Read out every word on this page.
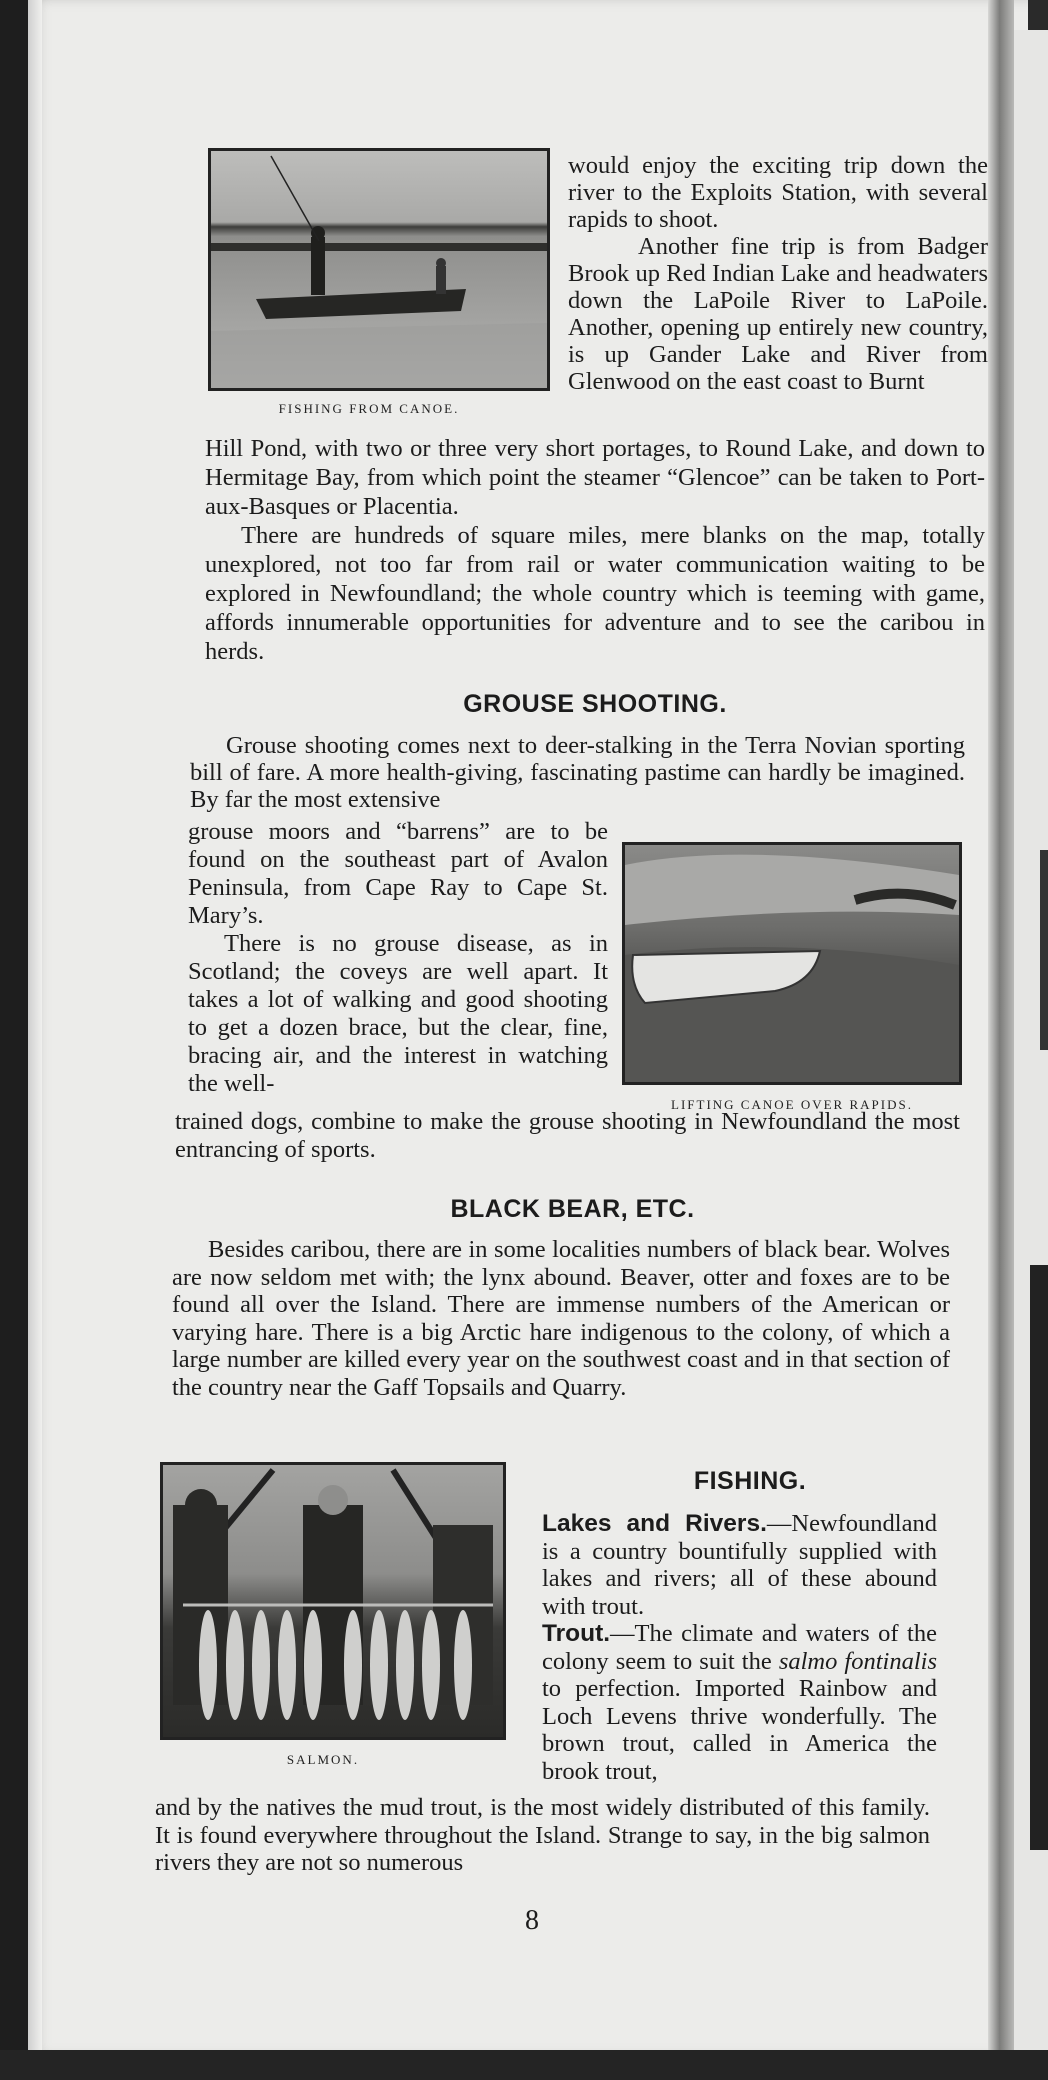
FISHING FROM CANOE.

would enjoy the exciting trip down the river to the Exploits Station, with several rapids to shoot.

Another fine trip is from Badger Brook up Red Indian Lake and headwaters down the LaPoile River to LaPoile. Another, opening up entirely new country, is up Gander Lake and River from Glenwood on the east coast to Burnt

Hill Pond, with two or three very short portages, to Round Lake, and down to Hermitage Bay, from which point the steamer “Glencoe” can be taken to Port-aux-Basques or Placentia.

There are hundreds of square miles, mere blanks on the map, totally unexplored, not too far from rail or water communication waiting to be explored in Newfoundland; the whole country which is teeming with game, affords innumerable opportunities for adventure and to see the caribou in herds.

GROUSE SHOOTING.

Grouse shooting comes next to deer-stalking in the Terra Novian sporting bill of fare. A more health-giving, fascinating pastime can hardly be imagined. By far the most extensive

grouse moors and “barrens” are to be found on the southeast part of Avalon Peninsula, from Cape Ray to Cape St. Mary’s.

There is no grouse disease, as in Scotland; the coveys are well apart. It takes a lot of walking and good shooting to get a dozen brace, but the clear, fine, bracing air, and the interest in watching the well-

LIFTING CANOE OVER RAPIDS.

trained dogs, combine to make the grouse shooting in Newfoundland the most entrancing of sports.

BLACK BEAR, ETC.

Besides caribou, there are in some localities numbers of black bear. Wolves are now seldom met with; the lynx abound. Beaver, otter and foxes are to be found all over the Island. There are immense numbers of the American or varying hare. There is a big Arctic hare indigenous to the colony, of which a large number are killed every year on the southwest coast and in that section of the country near the Gaff Topsails and Quarry.

SALMON.

FISHING.

Lakes and Rivers.—Newfoundland is a country bountifully supplied with lakes and rivers; all of these abound with trout.

Trout.—The climate and waters of the colony seem to suit the salmo fontinalis to perfection. Imported Rainbow and Loch Levens thrive wonderfully. The brown trout, called in America the brook trout,

and by the natives the mud trout, is the most widely distributed of this family. It is found everywhere throughout the Island. Strange to say, in the big salmon rivers they are not so numerous

8
